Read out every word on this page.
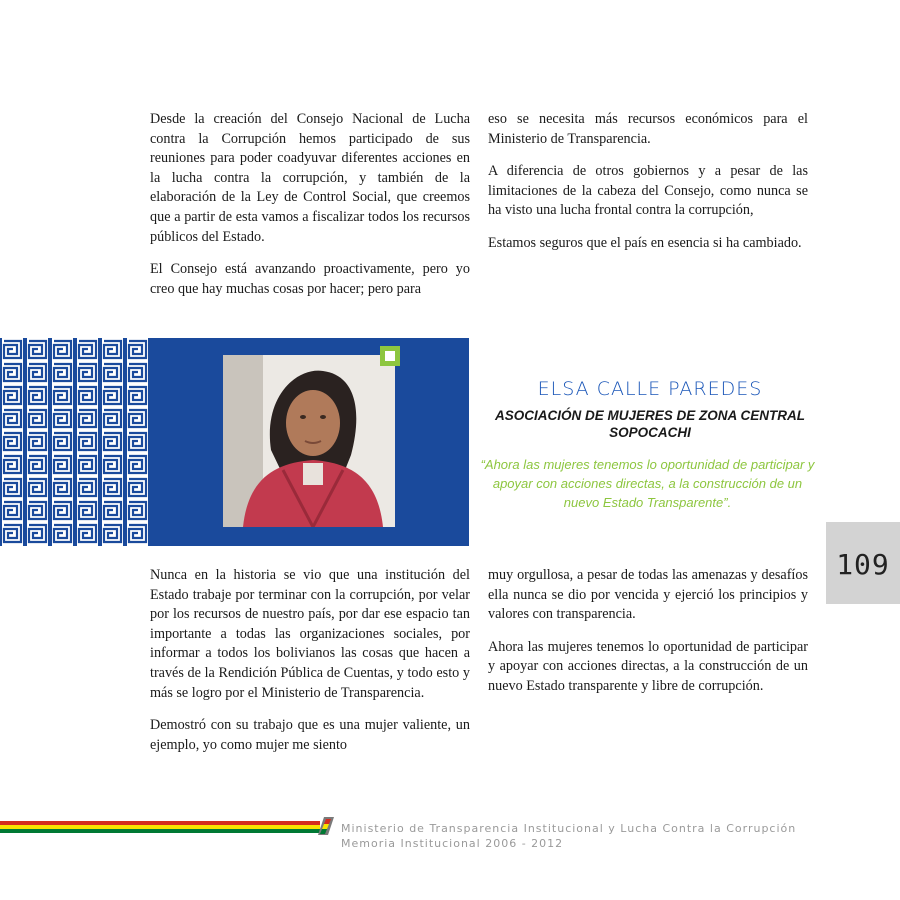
Desde la creación del Consejo Nacional de Lucha contra la Corrupción hemos participado de sus reuniones para poder coadyuvar diferentes acciones en la lucha contra la corrupción, y también de la elaboración de la Ley de Control Social, que creemos que a partir de esta vamos a fiscalizar todos los recursos públicos del Estado.

El Consejo está avanzando proactivamente, pero yo creo que hay muchas cosas por hacer; pero para

eso se necesita más recursos económicos para el Ministerio de Transparencia.

A diferencia de otros gobiernos y a pesar de las limitaciones de la cabeza del Consejo, como nunca se ha visto una lucha frontal contra la corrupción,

Estamos seguros que el país en esencia si ha cambiado.

ELSA CALLE PAREDES
ASOCIACIÓN DE MUJERES DE ZONA CENTRAL
SOPOCACHI
“Ahora las mujeres tenemos lo oportunidad de participar y apoyar con acciones directas, a la construcción de un nuevo Estado Transparente”.
109

Nunca en la historia se vio que una institución del Estado trabaje por terminar con la corrupción, por velar por los recursos de nuestro país, por dar ese espacio tan importante a todas las organizaciones sociales, por informar a todos los bolivianos las cosas que hacen a través de la Rendición Pública de Cuentas, y todo esto y más se logro por el Ministerio de Transparencia.

Demostró con su trabajo que es una mujer valiente, un ejemplo, yo como mujer me siento

muy orgullosa, a pesar de todas las amenazas y desafíos ella nunca se dio por vencida y ejerció los principios y valores con transparencia.

Ahora las mujeres tenemos lo oportunidad de participar y apoyar con acciones directas, a la construcción de un nuevo Estado transparente y libre de corrupción.

Ministerio de Transparencia Institucional y Lucha Contra la Corrupción
Memoria Institucional 2006 - 2012
